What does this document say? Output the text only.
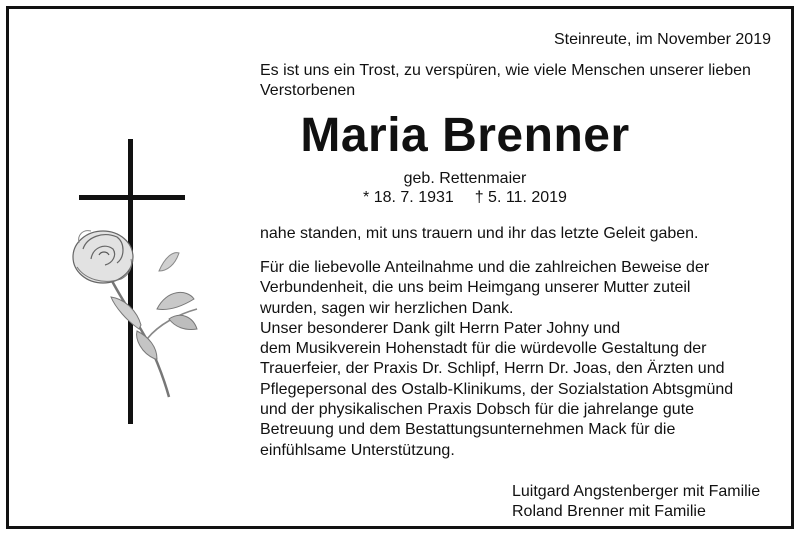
Steinreute, im November 2019
Es ist uns ein Trost, zu verspüren, wie viele Menschen unserer lieben
Verstorbenen
Maria Brenner
geb. Rettenmaier
* 18. 7. 1931 † 5. 11. 2019
nahe standen, mit uns trauern und ihr das letzte Geleit gaben.
Für die liebevolle Anteilnahme und die zahlreichen Beweise der
Verbundenheit, die uns beim Heimgang unserer Mutter zuteil
wurden, sagen wir herzlichen Dank.
Unser besonderer Dank gilt Herrn Pater Johny und
dem Musikverein Hohenstadt für die würdevolle Gestaltung der
Trauerfeier, der Praxis Dr. Schlipf, Herrn Dr. Joas, den Ärzten und
Pflegepersonal des Ostalb-Klinikums, der Sozialstation Abtsgmünd
und der physikalischen Praxis Dobsch für die jahrelange gute
Betreuung und dem Bestattungsunternehmen Mack für die
einfühlsame Unterstützung.
Luitgard Angstenberger mit Familie
Roland Brenner mit Familie
